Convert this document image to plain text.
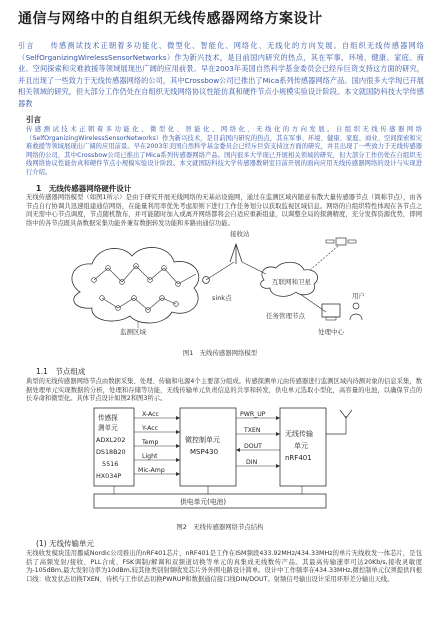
通信与网络中的自组织无线传感器网络方案设计
引言 传感测试技术正朝着多功能化、微型化、智能化、网络化、无线化的方向发展。自组织无线传感器网络（SelfOrganizingWirelessSensorNetworks）作为新兴技术，是目前国内研究的热点，其在军事、环境、健康、家庭、商业、空间探索和灾难救援等领域展现出广阔的应用前景。早在2003年美国自然科学基金委员会已经斥巨资支持这方面的研究，并且出现了一些致力于无线传感器网络的公司，其中Crossbow公司已推出了Mica系列传感器网络产品。国内很多大学现已开展相关领域的研究，但大部分工作仍处在自组织无线网络协议性能仿真和硬件节点小规模实验设计阶段。本文就国防科技大学传感器教
引言
传感测试技术正朝着多功能化、微型化、智能化、网络化、无线化的方向发展。自组织无线传感器网络（SelfOrganizingWirelessSensorNetworks）作为新兴技术，是目前国内研究的热点，其在军事、环境、健康、家庭、商业、空间探索和灾难救援等领域展现出广阔的应用前景。早在2003年美国自然科学基金委员会已经斥巨资支持这方面的研究，并且出现了一些致力于无线传感器网络的公司，其中Crossbow公司已推出了Mica系列传感器网络产品。国内很多大学现已开展相关领域的研究，但大部分工作仍处在自组织无线网络协议性能仿真和硬件节点小规模实验设计阶段。本文就国防科技大学传感器教研室目前开展的面向应用无线传感器网络的设计与实现进行介绍。
1　无线传感器网络硬件设计
无线传感器网络模型（如图1所示）是由于研究开展无线网络的无基站设施网，通过在监测区域内随意布散大量传感器节点（简称节点），由各节点自行协调共迅速组建通信网络，在能量利用率优先考虑原则下进行工作任务划分以获取监视区域信息。网络的自组织特性体现在各节点之间无需中心节点调度，节点随机散布，并可能随时加入或离开网络都将会自适应重新组建，以调整全局的探测精度，充分发挥资源优势，即网络中的各节点既具备数据采集功能外兼有数据转发功能和多路由通信功能。
sink点
接收站
互联网和卫星
任务管理节点
用户
处理中心
监测区域
图1　无线传感器网络模型
1.1　节点组成
典型的无线传感器网络节点由数据采集、处理、传输和电源4个主要部分组成。传感探测单元由传感器进行监测区域内待测对象的信息采集，数据处理单元实现数据的分析，处理和存储等功能，无线传输单元负责信息的共享和转发，供电单元选取小型化，高容量的电池，以确保节点的长寿命和微型化。具体节点设计如图2和图3所示。
传感探
测单元
ADXL202
DS18B20
5516
HX034P
X-Acc
Y-Acc
Temp
Light
Mic-Amp
微控制单元
MSP430
PWR_UP
TXEN
DOUT
DIN
无线传输
单元
nRF401
供电单元(电池)
图2　无线传感器网络节点结构
(1) 无线传输单元
无线收发模块选用挪威Nordic公司推出的nRF401芯片，nRF401是工作在ISM频段433.92MHz/434.33MHz的单片无线收发一体芯片，是包括了高频发射/接收、PLL合成、FSK调制/解调和双频道切换等单元的真集成无线数传产品。其最高传输速率可达20Kb/s,接收灵敏度为-105dBm,最大发射功率为10dBm,较其他类别射频收发芯片外外围电路设计简单。设计中工作频率在434.33MHz,微控制单元仅须提供四根口线：收发状态切换TXEN、待机与工作状态切换PWRUP和数据通信接口线DIN/DOUT。射频信号输出设计采用环形差分输出天线。
